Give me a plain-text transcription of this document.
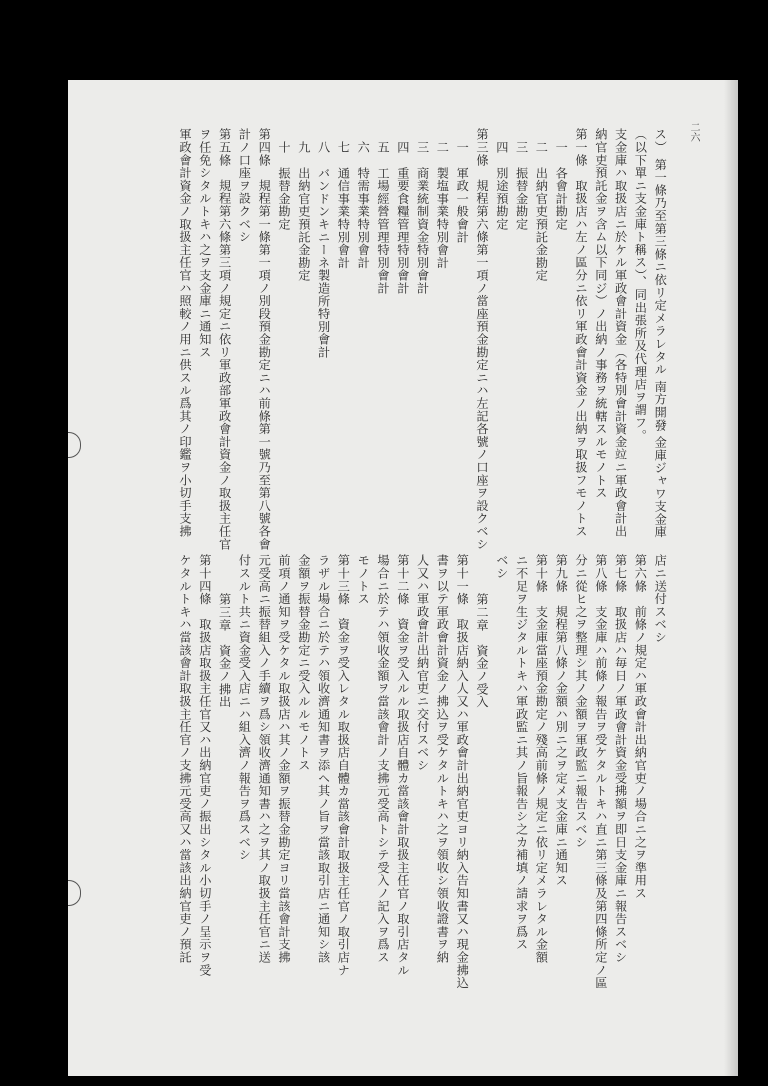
二六
ス） 第一條乃至第三條ニ依リ定メラレタル 南方開發 金庫ジャワ支金庫
（以下單ニ支金庫ト稱ス）、同出張所及代理店ヲ謂フ。
支金庫ハ取扱店ニ於ケル軍政會計資金（各特別會計資金竝ニ軍政會計出
納官吏預託金ヲ含ム以下同ジ）ノ出納ノ事務ヲ統轄スルモノトス
第一條　取扱店ハ左ノ區分ニ依リ軍政會計資金ノ出納ヲ取扱フモノトス
一　各會計勘定
二　出納官吏預託金勘定
三　振替金勘定
四　別途預勘定
第三條　規程第六條第一項ノ當座預金勘定ニハ左記各號ノ口座ヲ設クベシ
一　軍政一般會計
二　製塩事業特別會計
三　商業統制資金特別會計
四　重要食糧管理特別會計
五　工場經營管理特別會計
六　特需事業特別會計
七　通信事業特別會計
八　バンドンキニーネ製造所特別會計
九　出納官吏預託金勘定
十　振替金勘定
第四條　規程第一條第一項ノ別段預金勘定ニハ前條第一號乃至第八號各會
計ノ口座ヲ設クベシ
第五條　規程第六條第三項ノ規定ニ依リ軍政部軍政會計資金ノ取扱主任官
ヲ任免シタルトキハ之ヲ支金庫ニ通知ス
軍政會計資金ノ取扱主任官ハ照較ノ用ニ供スル爲其ノ印鑑ヲ小切手支拂
店ニ送付スベシ
第六條　前條ノ規定ハ軍政會計出納官吏ノ場合ニ之ヲ準用ス
第七條　取扱店ハ毎日ノ軍政會計資金受拂額ヲ即日支金庫ニ報告スベシ
第八條　支金庫ハ前條ノ報告ヲ受ケタルトキハ直ニ第三條及第四條所定ノ區
分ニ從ヒ之ヲ整理シ其ノ金額ヲ軍政監ニ報告スベシ
第九條　規程第八條ノ金額ハ別ニ之ヲ定メ支金庫ニ通知ス
第十條　支金庫當座預金勘定ノ殘高前條ノ規定ニ依リ定メラレタル金額
ニ不足ヲ生ジタルトキハ軍政監ニ其ノ旨報告シ之カ補填ノ請求ヲ爲ス
ベシ
第二章　資金ノ受入
第十一條　取扱店納入人又ハ軍政會計出納官吏ヨリ納入告知書又ハ現金拂込
書ヲ以テ軍政會計資金ノ拂込ヲ受ケタルトキハ之ヲ領收シ領收證書ヲ納
人又ハ軍政會計出納官吏ニ交付スベシ
第十二條　資金ヲ受入ルル取扱店自體カ當該會計取扱主任官ノ取引店タル
場合ニ於テハ領收金額ヲ當該會計ノ支拂元受高トシテ受入ノ記入ヲ爲ス
モノトス
第十三條　資金ヲ受入レタル取扱店自體カ當該會計取扱主任官ノ取引店ナ
ラザル場合ニ於テハ領收濟通知書ヲ添ヘ其ノ旨ヲ當該取引店ニ通知シ該
金額ヲ振替金勘定ニ受入ルルモノトス
前項ノ通知ヲ受ケタル取扱店ハ其ノ金額ヲ振替金勘定ヨリ當該會計支拂
元受高ニ振替組入ノ手續ヲ爲シ領收濟通知書ハ之ヲ其ノ取扱主任官ニ送
付スルト共ニ資金受入店ニハ組入濟ノ報告ヲ爲スベシ
第三章　資金ノ拂出
第十四條　取扱店取扱主任官又ハ出納官吏ノ振出シタル小切手ノ呈示ヲ受
ケタルトキハ當該會計取扱主任官ノ支拂元受高又ハ當該出納官吏ノ預託
